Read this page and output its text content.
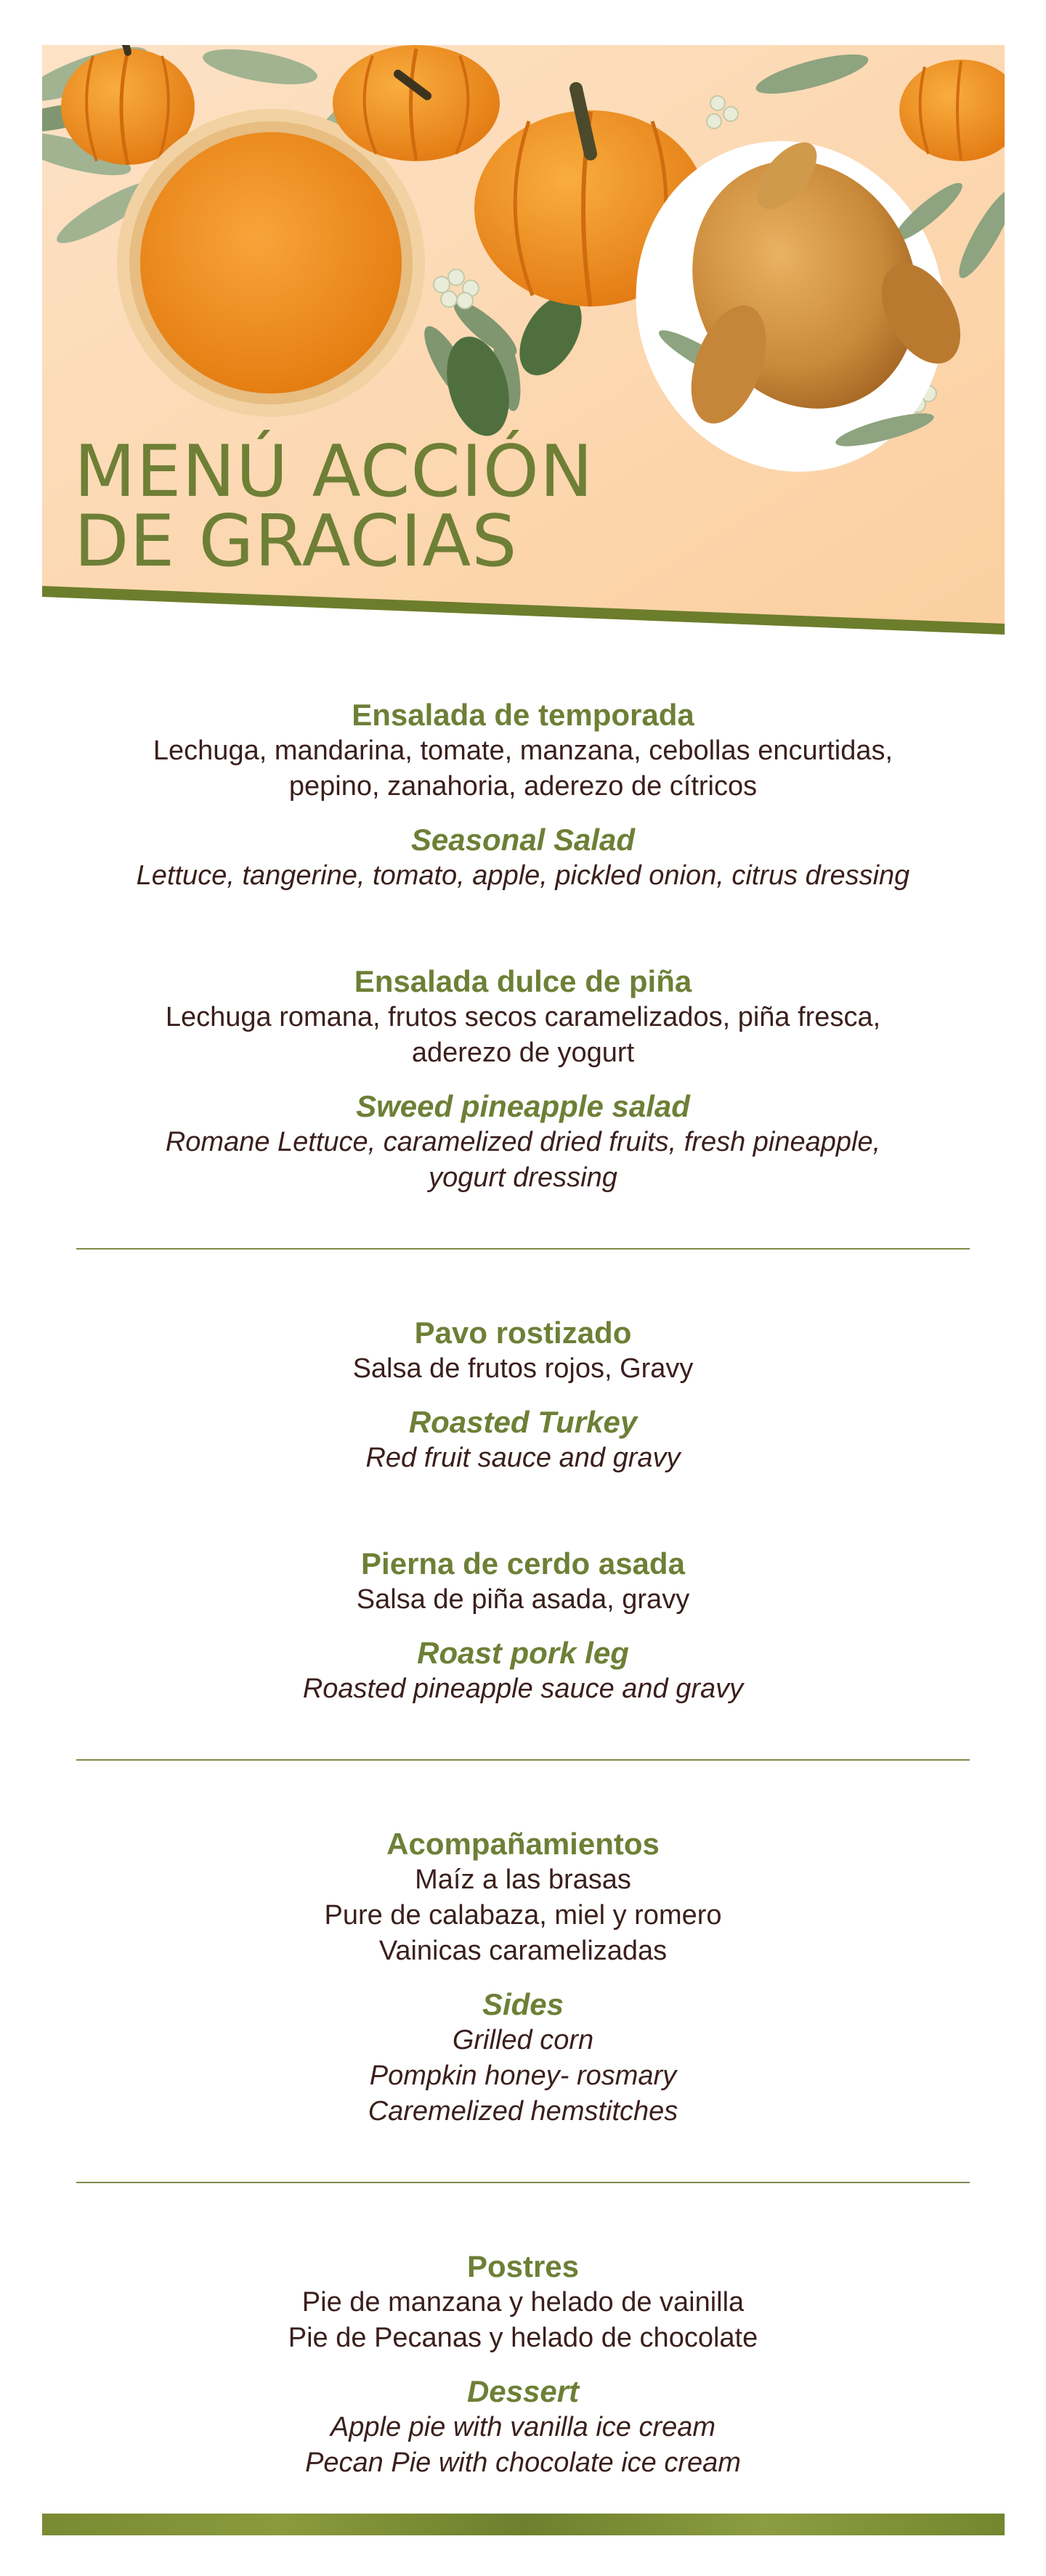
MENÚ ACCIÓN
DE GRACIAS
Ensalada de temporada
Lechuga, mandarina, tomate, manzana, cebollas encurtidas,
pepino, zanahoria, aderezo de cítricos
Seasonal Salad
Lettuce, tangerine, tomato, apple, pickled onion, citrus dressing
Ensalada dulce de piña
Lechuga romana, frutos secos caramelizados, piña fresca,
aderezo de yogurt
Sweed pineapple salad
Romane Lettuce, caramelized dried fruits, fresh pineapple,
yogurt dressing
Pavo rostizado
Salsa de frutos rojos, Gravy
Roasted Turkey
Red fruit sauce and gravy
Pierna de cerdo asada
Salsa de piña asada, gravy
Roast pork leg
Roasted pineapple sauce and gravy
Acompañamientos
Maíz a las brasas
Pure de calabaza, miel y romero
Vainicas caramelizadas
Sides
Grilled corn
Pompkin honey- rosmary
Caremelized hemstitches
Postres
Pie de manzana y helado de vainilla
Pie de Pecanas y helado de chocolate
Dessert
Apple pie with vanilla ice cream
Pecan Pie with chocolate ice cream
